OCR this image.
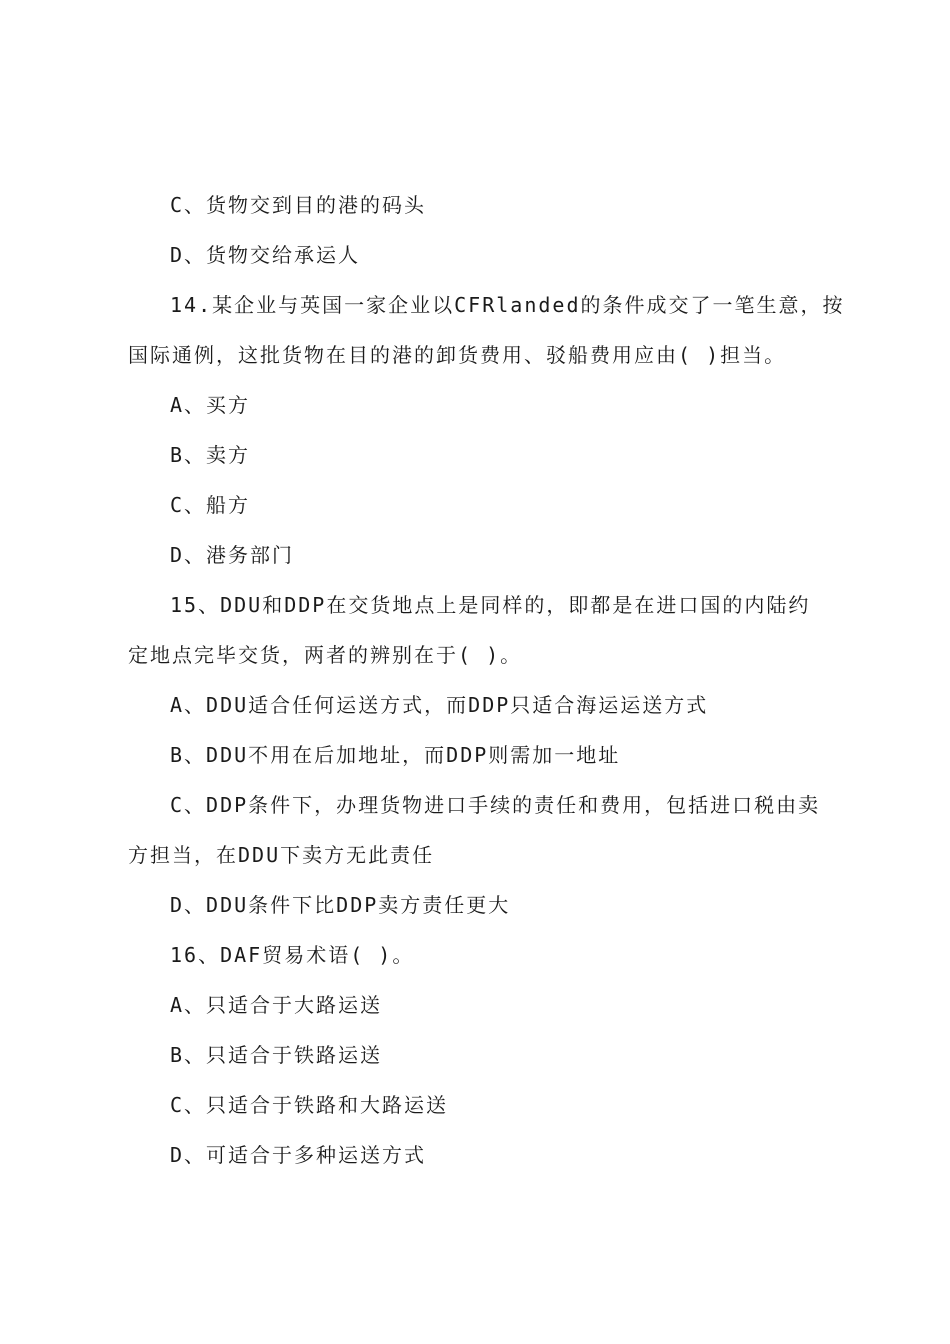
C、货物交到目的港的码头
D、货物交给承运人
14.某企业与英国一家企业以CFRlanded的条件成交了一笔生意，按
国际通例，这批货物在目的港的卸货费用、驳船费用应由( )担当。
A、买方
B、卖方
C、船方
D、港务部门
15、DDU和DDP在交货地点上是同样的，即都是在进口国的内陆约
定地点完毕交货，两者的辨别在于( )。
A、DDU适合任何运送方式，而DDP只适合海运运送方式
B、DDU不用在后加地址，而DDP则需加一地址
C、DDP条件下，办理货物进口手续的责任和费用，包括进口税由卖
方担当，在DDU下卖方无此责任
D、DDU条件下比DDP卖方责任更大
16、DAF贸易术语( )。
A、只适合于大路运送
B、只适合于铁路运送
C、只适合于铁路和大路运送
D、可适合于多种运送方式
